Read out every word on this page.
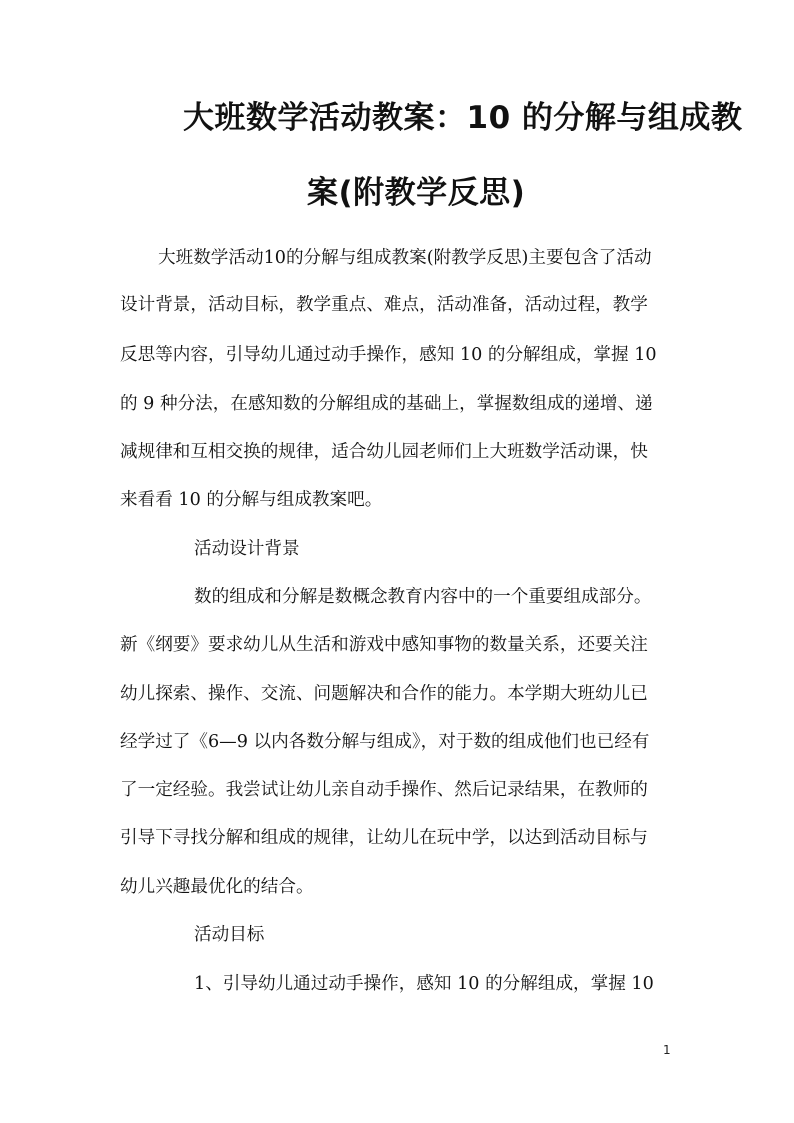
大班数学活动教案：10 的分解与组成教
案(附教学反思)
大班数学活动10的分解与组成教案(附教学反思)主要包含了活动
设计背景，活动目标，教学重点、难点，活动准备，活动过程，教学
反思等内容，引导幼儿通过动手操作，感知 10 的分解组成，掌握 10
的 9 种分法，在感知数的分解组成的基础上，掌握数组成的递增、递
减规律和互相交换的规律，适合幼儿园老师们上大班数学活动课，快
来看看 10 的分解与组成教案吧。
活动设计背景
数的组成和分解是数概念教育内容中的一个重要组成部分。
新《纲要》要求幼儿从生活和游戏中感知事物的数量关系，还要关注
幼儿探索、操作、交流、问题解决和合作的能力。本学期大班幼儿已
经学过了《6—9 以内各数分解与组成》，对于数的组成他们也已经有
了一定经验。我尝试让幼儿亲自动手操作、然后记录结果，在教师的
引导下寻找分解和组成的规律，让幼儿在玩中学，以达到活动目标与
幼儿兴趣最优化的结合。
活动目标
1、引导幼儿通过动手操作，感知 10 的分解组成，掌握 10
1
